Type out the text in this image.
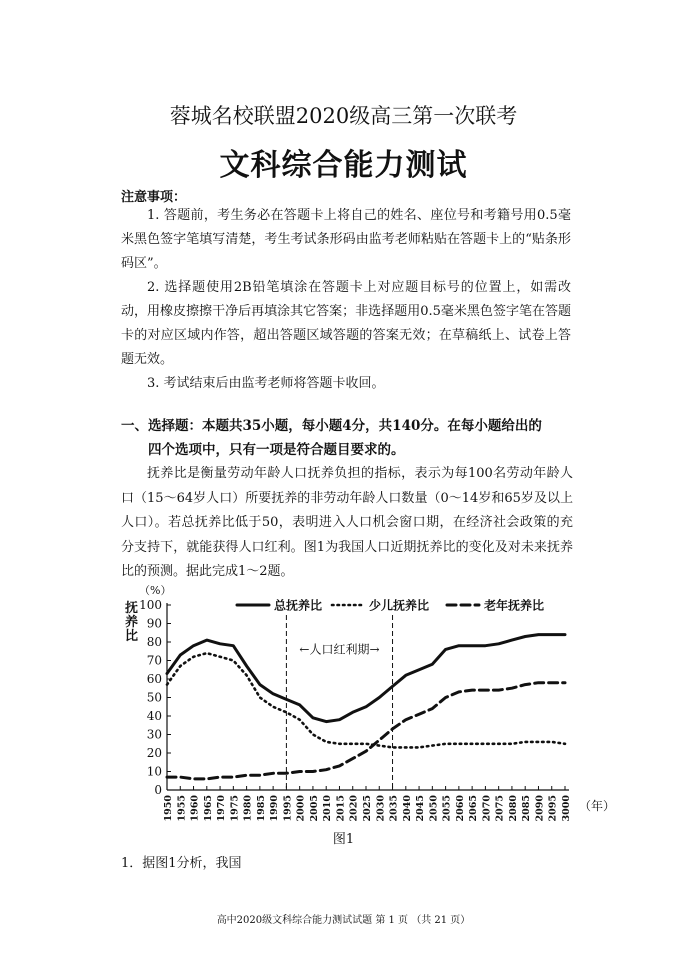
蓉城名校联盟2020级高三第一次联考
文科综合能力测试
注意事项：
1. 答题前，考生务必在答题卡上将自己的姓名、座位号和考籍号用0.5毫米黑色签字笔填写清楚，考生考试条形码由监考老师粘贴在答题卡上的“贴条形码区”。
2. 选择题使用2B铅笔填涂在答题卡上对应题目标号的位置上，如需改动，用橡皮擦擦干净后再填涂其它答案；非选择题用0.5毫米黑色签字笔在答题卡的对应区域内作答，超出答题区域答题的答案无效；在草稿纸上、试卷上答题无效。
3. 考试结束后由监考老师将答题卡收回。
一、选择题：本题共35小题，每小题4分，共140分。在每小题给出的
四个选项中，只有一项是符合题目要求的。
抚养比是衡量劳动年龄人口抚养负担的指标，表示为每100名劳动年龄人口（15～64岁人口）所要抚养的非劳动年龄人口数量（0～14岁和65岁及以上人口）。若总抚养比低于50，表明进入人口机会窗口期，在经济社会政策的充分支持下，就能获得人口红利。图1为我国人口近期抚养比的变化及对未来抚养比的预测。据此完成1～2题。
0
10
20
30
40
50
60
70
80
90
100
（%）
抚
养
比
1950 1955 1960 1965 1970 1975 1980 1985 1990 1995 2000 2005 2010 2015 2020 2025 2030 2035 2040 2045 2050 2055 2060 2065 2070 2075 2080 2085 2090 2095 3000 （年）
←人口红利期→
总抚养比	少儿抚养比	老年抚养比
图1
1．据图1分析，我国
高中2020级文科综合能力测试试题 第 1 页 （共 21 页）
